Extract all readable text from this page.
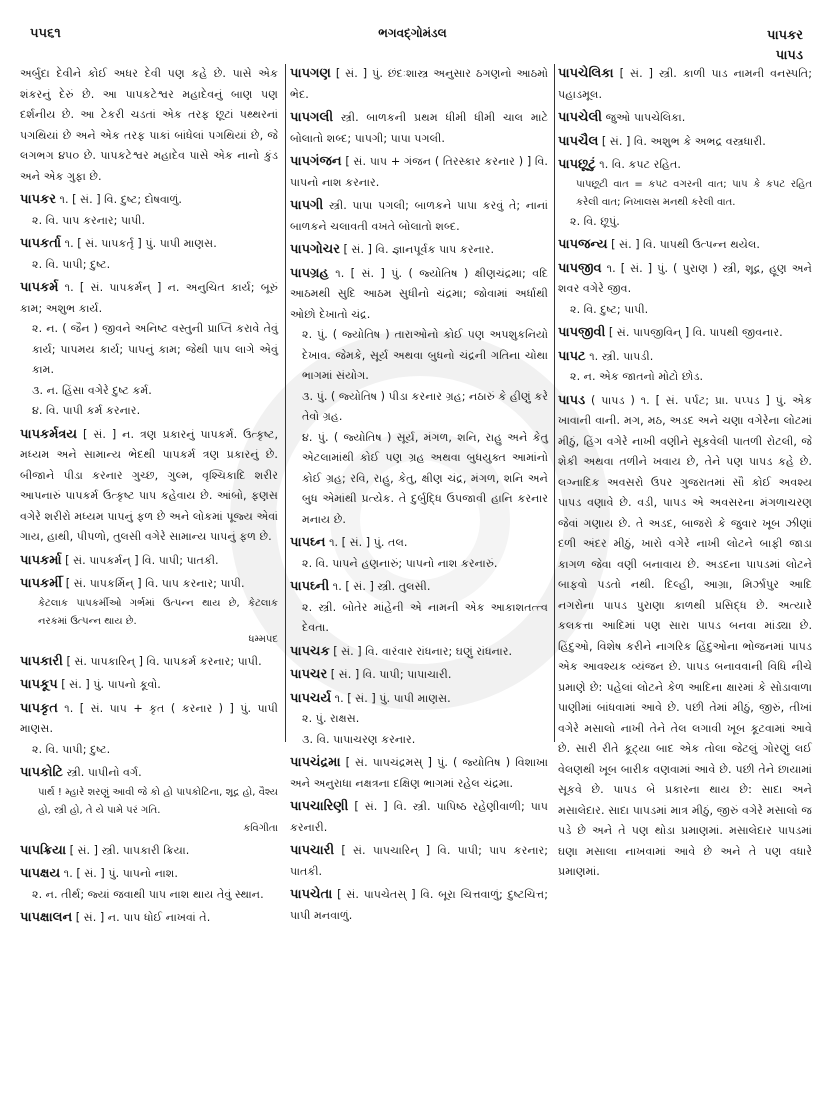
૫૫૬૧	ભગવદ્ગોમંડલ	પાપકર
પાપડ
અર્બુદા દેવીને કોઈ અધર દેવી પણ કહે છે. પાસે એક શંકરનું દેરું છે. આ પાપકટેશ્વર મહાદેવનું બાણ પણ દર્શનીય છે. આ ટેકરી ચડતાં એક તરફ છૂટાં પથ્થરનાં પગથિયાં છે અને એક તરફ પાકાં બાંધેલાં પગથિયાં છે, જે લગભગ ૪૫૦ છે. પાપકટેશ્વર મહાદેવ પાસે એક નાનો કુંડ અને એક ગુફા છે.
પાપકર ૧. [ સં. ] વિ. દુષ્ટ; દોષવાળું.
૨. વિ. પાપ કરનાર; પાપી.
પાપકર્તા ૧. [ સં. પાપકર્તૃ ] પું. પાપી માણસ.
૨. વિ. પાપી; દુષ્ટ.
પાપકર્મ ૧. [ સં. પાપકર્મન્ ] ન. અનુચિત કાર્ય; બૂરું કામ; અશુભ કાર્ય.
૨. ન. ( જૈન ) જીવને અનિષ્ટ વસ્તુની પ્રાપ્તિ કરાવે તેવું કાર્ય; પાપમય કાર્ય; પાપનું કામ; જેથી પાપ લાગે એવું કામ.
૩. ન. હિંસા વગેરે દુષ્ટ કર્મ.
૪. વિ. પાપી કર્મ કરનાર.
પાપકર્મત્રય [ સં. ] ન. ત્રણ પ્રકારનું પાપકર્મ. ઉત્કૃષ્ટ, મધ્યમ અને સામાન્ય ભેદથી પાપકર્મ ત્રણ પ્રકારનું છે. બીજાને પીડા કરનાર ગુચ્છ, ગુલ્મ, વૃશ્ચિકાદિ શરીર આપનારું પાપકર્મ ઉત્કૃષ્ટ પાપ કહેવાય છે. આંબો, ફણસ વગેરે શરીરો મધ્યમ પાપનું ફળ છે અને લોકમાં પૂજ્ય એવાં ગાય, હાથી, પીપળો, તુલસી વગેરે સામાન્ય પાપનું ફળ છે.
પાપકર્મા [ સં. પાપકર્મન્ ] વિ. પાપી; પાતકી.
પાપકર્મી [ સં. પાપકર્મિન્ ] વિ. પાપ કરનાર; પાપી.
કેટલાક પાપકર્મીઓ ગર્ભમાં ઉત્પન્ન થાય છે, કેટલાક નરકમાં ઉત્પન્ન થાય છે.
ધમ્મપદ
પાપકારી [ સં. પાપકારિન્ ] વિ. પાપકર્મ કરનાર; પાપી.
પાપકૂપ [ સં. ] પું. પાપનો કૂવો.
પાપકૃત ૧. [ સં. પાપ + કૃત ( કરનાર ) ] પું. પાપી માણસ.
૨. વિ. પાપી; દુષ્ટ.
પાપકોટિ સ્ત્રી. પાપીનો વર્ગ.
પાર્થ ! મ્હારે શરણું આવી જે કો હો પાપકોટિના, શૂદ્ર હો, વૈશ્ય હો, સ્ત્રી હો, તે યે પામે પરં ગતિ.
કવિગીતા
પાપક્રિયા [ સં. ] સ્ત્રી. પાપકારી ક્રિયા.
પાપક્ષય ૧. [ સં. ] પું. પાપનો નાશ.
૨. ન. તીર્થ; જ્યાં જવાથી પાપ નાશ થાય તેવું સ્થાન.
પાપક્ષાલન [ સં. ] ન. પાપ ધોઈ નાખવાં તે.
પાપગણ [ સં. ] પું. છંદઃશાસ્ત્ર અનુસાર ઠગણનો આઠમો ભેદ.
પાપગલી સ્ત્રી. બાળકની પ્રથમ ધીમી ધીમી ચાલ માટે બોલાતો શબ્દ; પાપગી; પાપા પગલી.
પાપગંજન [ સં. પાપ + ગંજન ( તિરસ્કાર કરનાર ) ] વિ. પાપનો નાશ કરનાર.
પાપગી સ્ત્રી. પાપા પગલી; બાળકને પાપા કરવું તે; નાનાં બાળકને ચલાવતી વખતે બોલાતો શબ્દ.
પાપગોચર [ સં. ] વિ. જ્ઞાનપૂર્વક પાપ કરનાર.
પાપગ્રહ ૧. [ સં. ] પું. ( જ્યોતિષ ) ક્ષીણચંદ્રમા; વદિ આઠમથી સુદિ આઠમ સુધીનો ચંદ્રમા; જોવામાં અર્ધાથી ઓછો દેખાતો ચંદ્ર.
૨. પું. ( જ્યોતિષ ) તારાઓનો કોઈ પણ અપશુકનિયો દેખાવ. જેમકે, સૂર્ય અથવા બુધનો ચંદ્રની ગતિના ચોથા ભાગમાં સંયોગ.
૩. પું. ( જ્યોતિષ ) પીડા કરનાર ગ્રહ; નઠારું કે હીણું કરે તેવો ગ્રહ.
૪. પું. ( જ્યોતિષ ) સૂર્ય, મંગળ, શનિ, રાહુ અને કેતુ એટલામાંથી કોઈ પણ ગ્રહ અથવા બુધયુક્ત આમાંનો કોઈ ગ્રહ; રવિ, રાહુ, કેતુ, ક્ષીણ ચંદ્ર, મંગળ, શનિ અને બુધ એમાંથી પ્રત્યેક. તે દુર્બુદ્ધિ ઉપજાવી હાનિ કરનાર મનાય છે.
પાપઘ્ન ૧. [ સં. ] પું. તલ.
૨. વિ. પાપને હણનારું; પાપનો નાશ કરનારું.
પાપઘ્ની ૧. [ સં. ] સ્ત્રી. તુલસી.
૨. સ્ત્રી. બોતેર માંહેની એ નામની એક આકાશતત્ત્વ દેવતા.
પાપચક [ સં. ] વિ. વારંવાર રાંધનાર; ઘણું રાંધનાર.
પાપચર [ સં. ] વિ. પાપી; પાપાચારી.
પાપચર્ય ૧. [ સં. ] પું. પાપી માણસ.
૨. પું. રાક્ષસ.
૩. વિ. પાપાચરણ કરનાર.
પાપચંદ્રમા [ સં. પાપચંદ્રમસ્ ] પું. ( જ્યોતિષ ) વિશાખા અને અનુરાધા નક્ષત્રના દક્ષિણ ભાગમાં રહેલ ચંદ્રમા.
પાપચારિણી [ સં. ] વિ. સ્ત્રી. પાપિષ્ઠ રહેણીવાળી; પાપ કરનારી.
પાપચારી [ સં. પાપચારિન્ ] વિ. પાપી; પાપ કરનાર; પાતકી.
પાપચેતા [ સં. પાપચેતસ્ ] વિ. બૂરા ચિત્તવાળું; દુષ્ટચિત્ત; પાપી મનવાળું.
પાપચેલિકા [ સં. ] સ્ત્રી. કાળી પાડ નામની વનસ્પતિ; પહાડમૂલ.
પાપચેલી જુઓ પાપચેલિકા.
પાપચૈલ [ સં. ] વિ. અશુભ કે અભદ્ર વસ્ત્રધારી.
પાપછૂટું ૧. વિ. કપટ રહિત.
પાપછૂટી વાત = કપટ વગરની વાત; પાપ કે કપટ રહિત કરેલી વાત; નિખાલસ મનથી કરેલી વાત.
૨. વિ. છૂપું.
પાપજન્ય [ સં. ] વિ. પાપથી ઉત્પન્ન થયેલ.
પાપજીવ ૧. [ સં. ] પું. ( પુરાણ ) સ્ત્રી, શૂદ્ર, હૂણ અને શવર વગેરે જીવ.
૨. વિ. દુષ્ટ; પાપી.
પાપજીવી [ સં. પાપજીવિન્ ] વિ. પાપથી જીવનાર.
પાપટ ૧. સ્ત્રી. પાપડી.
૨. ન. એક જાતનો મોટો છોડ.
પાપડ ( પાપડ ) ૧. [ સં. પર્પટ; પ્રા. પપ્પડ ] પું. એક ખાવાની વાની. મગ, મઠ, અડદ અને ચણા વગેરેના લોટમાં મીઠું, હિંગ વગેરે નાખી વણીને સૂકવેલી પાતળી રોટલી, જે શેકી અથવા તળીને ખવાય છે, તેને પણ પાપડ કહે છે. લગ્નાદિક અવસરો ઉપર ગુજરાતમાં સૌ કોઈ અવશ્ય પાપડ વણાવે છે. વડી, પાપડ એ અવસરના મંગળાચરણ જેવાં ગણાય છે. તે અડદ, બાજરો કે જુવાર ખૂબ ઝીણાં દળી અંદર મીઠું, ખારો વગેરે નાખી લોટને બાફી જાડા કાગળ જેવા વણી બનાવાય છે. અડદના પાપડમાં લોટને બાફવો પડતો નથી. દિલ્હી, આગ્રા, મિર્ઝાપુર આદિ નગરોના પાપડ પુરાણા કાળથી પ્રસિદ્ધ છે. અત્યારે કલકત્તા આદિમાં પણ સારા પાપડ બનવા માંડ્યા છે. હિંદુઓ, વિશેષ કરીને નાગરિક હિંદુઓના ભોજનમાં પાપડ એક આવશ્યક વ્યંજન છે. પાપડ બનાવવાની વિધિ નીચે પ્રમાણે છે: પહેલાં લોટને કેળ આદિના ક્ષારમાં કે સોડાવાળા પાણીમાં બાંધવામાં આવે છે. પછી તેમાં મીઠું, જીરું, તીખાં વગેરે મસાલો નાખી તેને તેલ લગાવી ખૂબ કૂટવામાં આવે છે. સારી રીતે કૂટ્યા બાદ એક તોલા જેટલું ગોરણું લઈ વેલણથી ખૂબ બારીક વણવામાં આવે છે. પછી તેને છાયામાં સૂકવે છે. પાપડ બે પ્રકારના થાય છે: સાદા અને મસાલેદાર. સાદા પાપડમાં માત્ર મીઠું, જીરું વગેરે મસાલો જ પડે છે અને તે પણ થોડા પ્રમાણમાં. મસાલેદાર પાપડમાં ઘણા મસાલા નાખવામાં આવે છે અને તે પણ વધારે પ્રમાણમાં.
